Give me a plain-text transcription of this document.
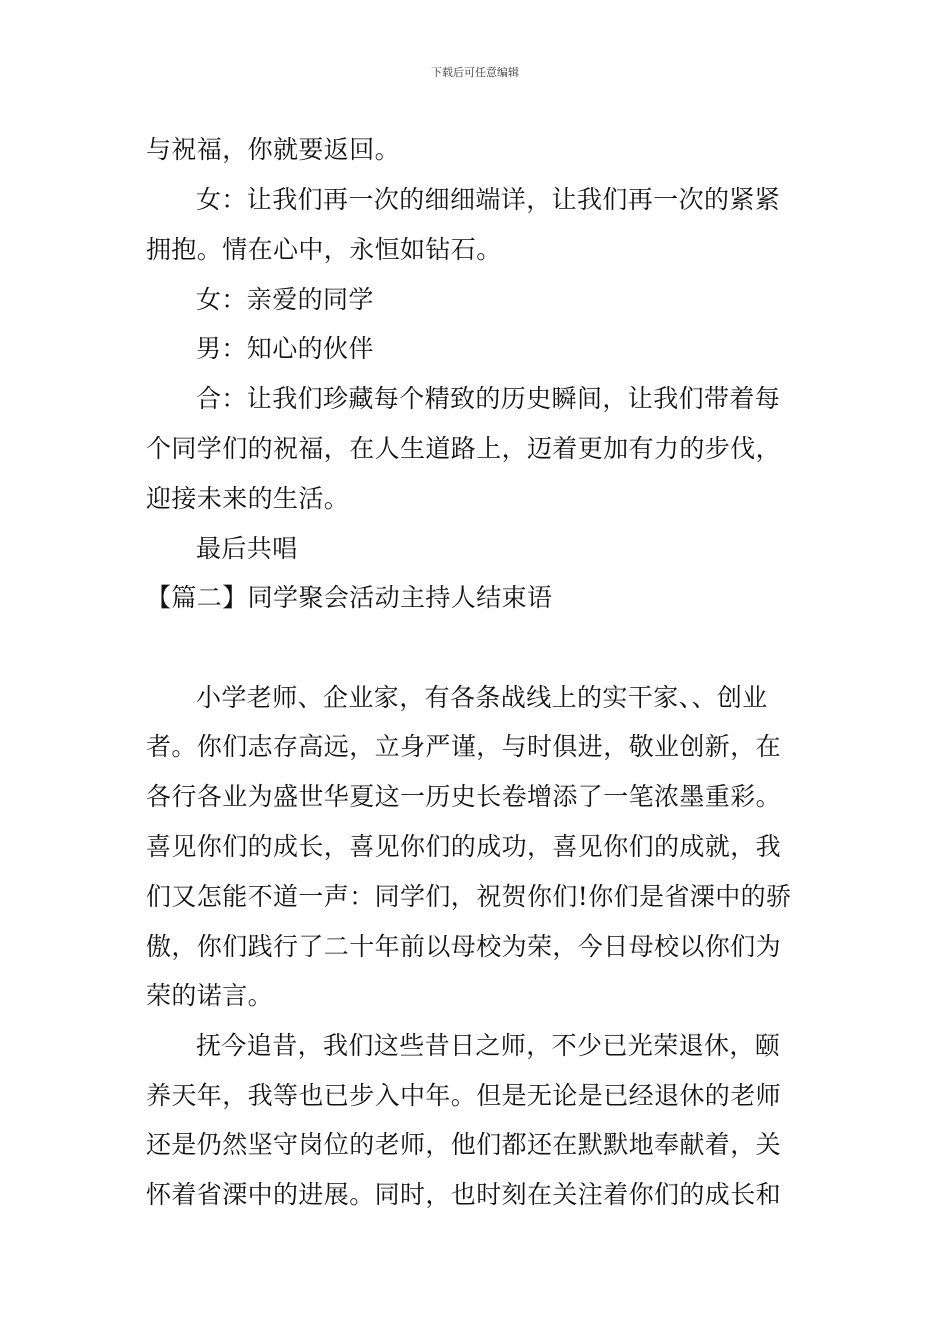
下载后可任意编辑
与祝福，你就要返回。
女：让我们再一次的细细端详，让我们再一次的紧紧
拥抱。情在心中，永恒如钻石。
女：亲爱的同学
男：知心的伙伴
合：让我们珍藏每个精致的历史瞬间，让我们带着每
个同学们的祝福，在人生道路上，迈着更加有力的步伐，
迎接未来的生活。
最后共唱
【篇二】同学聚会活动主持人结束语
小学老师、企业家，有各条战线上的实干家、、创业
者。你们志存高远，立身严谨，与时俱进，敬业创新，在
各行各业为盛世华夏这一历史长卷增添了一笔浓墨重彩。
喜见你们的成长，喜见你们的成功，喜见你们的成就，我
们又怎能不道一声：同学们，祝贺你们!你们是省溧中的骄
傲，你们践行了二十年前以母校为荣，今日母校以你们为
荣的诺言。
抚今追昔，我们这些昔日之师，不少已光荣退休，颐
养天年，我等也已步入中年。但是无论是已经退休的老师
还是仍然坚守岗位的老师，他们都还在默默地奉献着，关
怀着省溧中的进展。同时，也时刻在关注着你们的成长和
